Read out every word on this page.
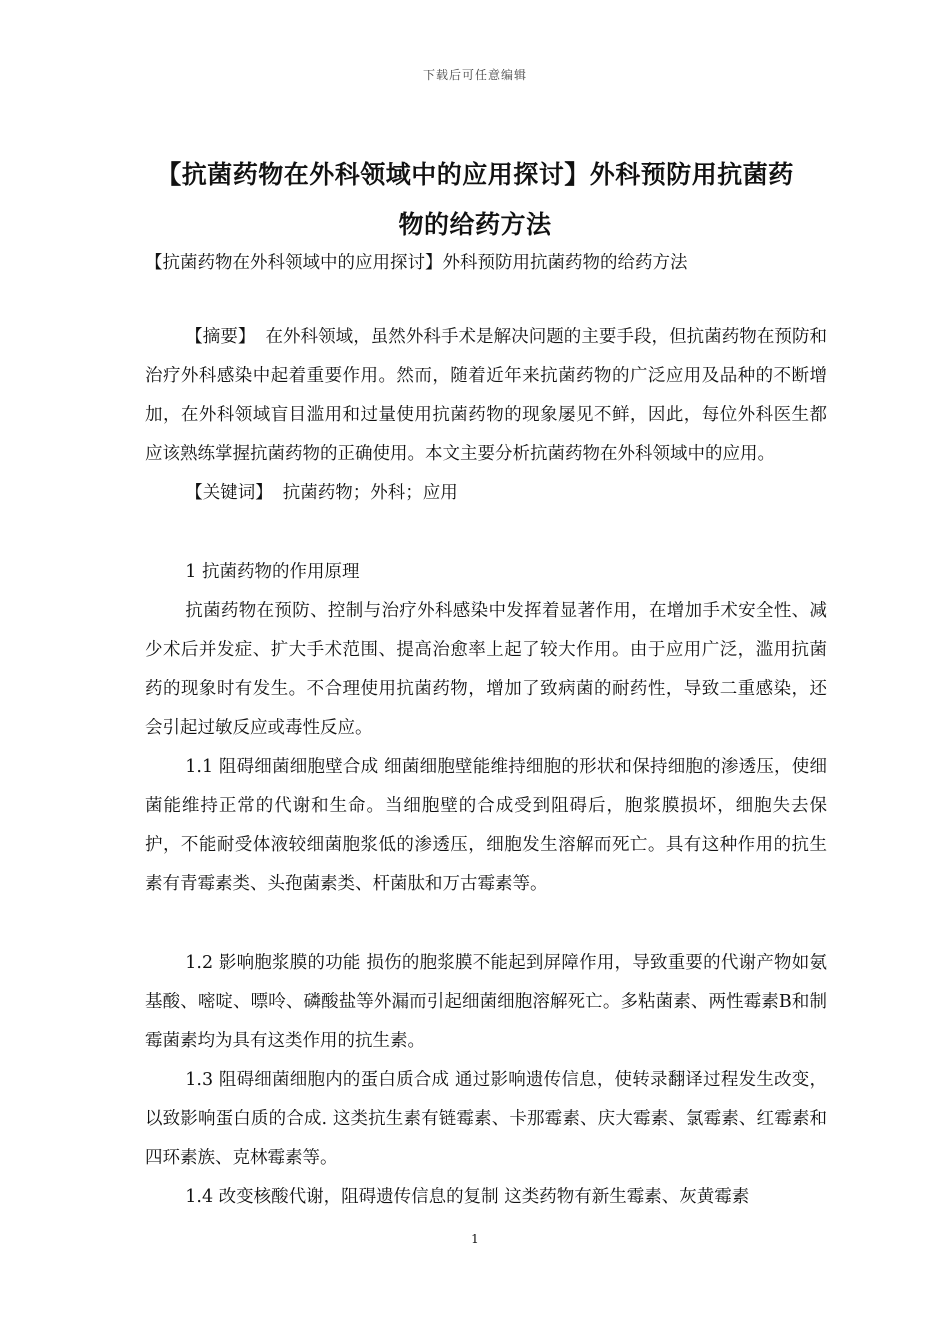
下载后可任意编辑
【抗菌药物在外科领域中的应用探讨】外科预防用抗菌药物的给药方法
【抗菌药物在外科领域中的应用探讨】外科预防用抗菌药物的给药方法

【摘要】 在外科领域，虽然外科手术是解决问题的主要手段，但抗菌药物在预防和治疗外科感染中起着重要作用。然而，随着近年来抗菌药物的广泛应用及品种的不断增加，在外科领域盲目滥用和过量使用抗菌药物的现象屡见不鲜，因此，每位外科医生都应该熟练掌握抗菌药物的正确使用。本文主要分析抗菌药物在外科领域中的应用。

【关键词】 抗菌药物；外科；应用

1 抗菌药物的作用原理

抗菌药物在预防、控制与治疗外科感染中发挥着显著作用，在增加手术安全性、减少术后并发症、扩大手术范围、提高治愈率上起了较大作用。由于应用广泛，滥用抗菌药的现象时有发生。不合理使用抗菌药物，增加了致病菌的耐药性，导致二重感染，还会引起过敏反应或毒性反应。

1.1 阻碍细菌细胞壁合成 细菌细胞壁能维持细胞的形状和保持细胞的渗透压，使细菌能维持正常的代谢和生命。当细胞壁的合成受到阻碍后，胞浆膜损坏，细胞失去保护，不能耐受体液较细菌胞浆低的渗透压，细胞发生溶解而死亡。具有这种作用的抗生素有青霉素类、头孢菌素类、杆菌肽和万古霉素等。

1.2 影响胞浆膜的功能 损伤的胞浆膜不能起到屏障作用，导致重要的代谢产物如氨基酸、嘧啶、嘌呤、磷酸盐等外漏而引起细菌细胞溶解死亡。多粘菌素、两性霉素B和制霉菌素均为具有这类作用的抗生素。

1.3 阻碍细菌细胞内的蛋白质合成 通过影响遗传信息，使转录翻译过程发生改变，以致影响蛋白质的合成. 这类抗生素有链霉素、卡那霉素、庆大霉素、氯霉素、红霉素和四环素族、克林霉素等。

1.4 改变核酸代谢，阻碍遗传信息的复制 这类药物有新生霉素、灰黄霉素

1
